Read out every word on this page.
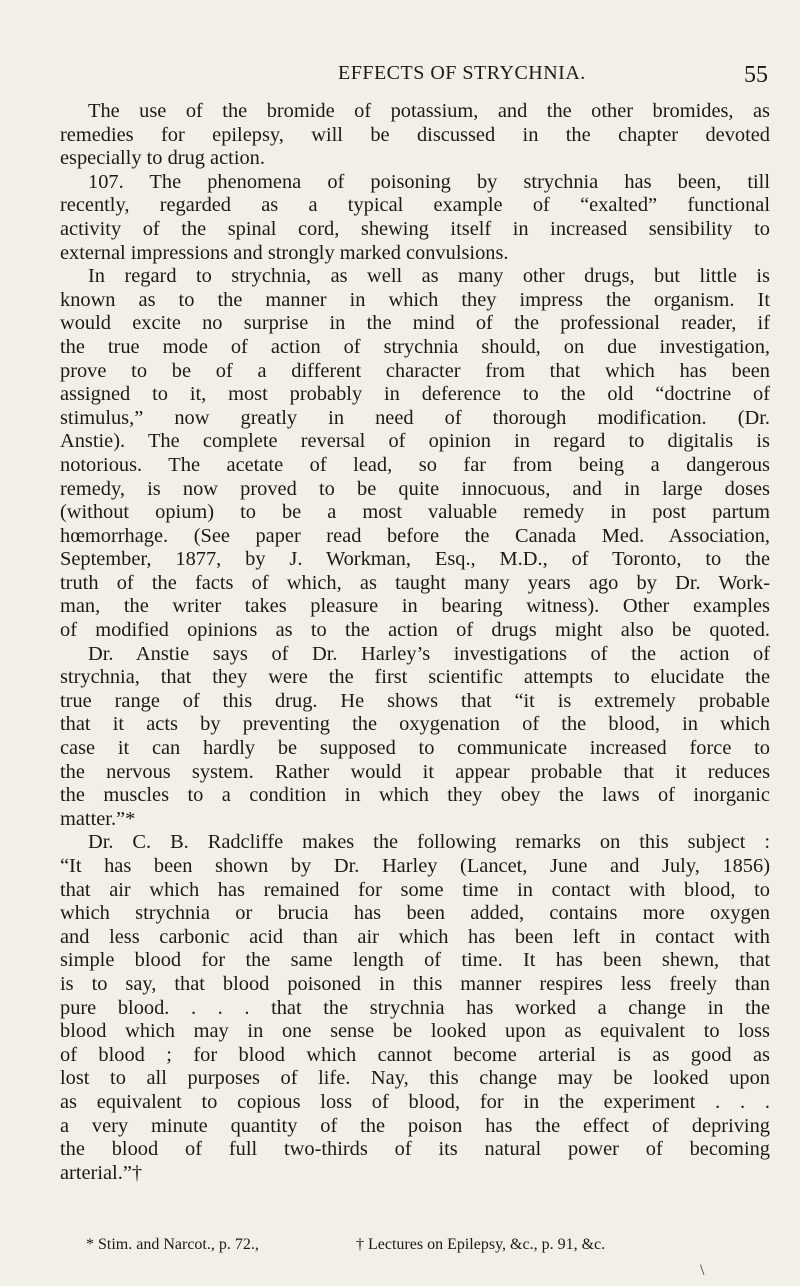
EFFECTS OF STRYCHNIA.	55
The use of the bromide of potassium, and the other bromides, as
remedies for epilepsy, will be discussed in the chapter devoted
especially to drug action.
107. The phenomena of poisoning by strychnia has been, till
recently, regarded as a typical example of “exalted” functional
activity of the spinal cord, shewing itself in increased sensibility to
external impressions and strongly marked convulsions.
In regard to strychnia, as well as many other drugs, but little is
known as to the manner in which they impress the organism. It
would excite no surprise in the mind of the professional reader, if
the true mode of action of strychnia should, on due investigation,
prove to be of a different character from that which has been
assigned to it, most probably in deference to the old “doctrine of
stimulus,” now greatly in need of thorough modification. (Dr.
Anstie). The complete reversal of opinion in regard to digitalis is
notorious. The acetate of lead, so far from being a dangerous
remedy, is now proved to be quite innocuous, and in large doses
(without opium) to be a most valuable remedy in post partum
hœmorrhage. (See paper read before the Canada Med. Association,
September, 1877, by J. Workman, Esq., M.D., of Toronto, to the
truth of the facts of which, as taught many years ago by Dr. Work-
man, the writer takes pleasure in bearing witness). Other examples
of modified opinions as to the action of drugs might also be quoted.
Dr. Anstie says of Dr. Harley’s investigations of the action of
strychnia, that they were the first scientific attempts to elucidate the
true range of this drug. He shows that “it is extremely probable
that it acts by preventing the oxygenation of the blood, in which
case it can hardly be supposed to communicate increased force to
the nervous system. Rather would it appear probable that it reduces
the muscles to a condition in which they obey the laws of inorganic
matter.”*
Dr. C. B. Radcliffe makes the following remarks on this subject :
“It has been shown by Dr. Harley (Lancet, June and July, 1856)
that air which has remained for some time in contact with blood, to
which strychnia or brucia has been added, contains more oxygen
and less carbonic acid than air which has been left in contact with
simple blood for the same length of time. It has been shewn, that
is to say, that blood poisoned in this manner respires less freely than
pure blood. . . . that the strychnia has worked a change in the
blood which may in one sense be looked upon as equivalent to loss
of blood ; for blood which cannot become arterial is as good as
lost to all purposes of life. Nay, this change may be looked upon
as equivalent to copious loss of blood, for in the experiment . . .
a very minute quantity of the poison has the effect of depriving
the blood of full two-thirds of its natural power of becoming
arterial.”†
* Stim. and Narcot., p. 72.,	† Lectures on Epilepsy, &c., p. 91, &c.
\
